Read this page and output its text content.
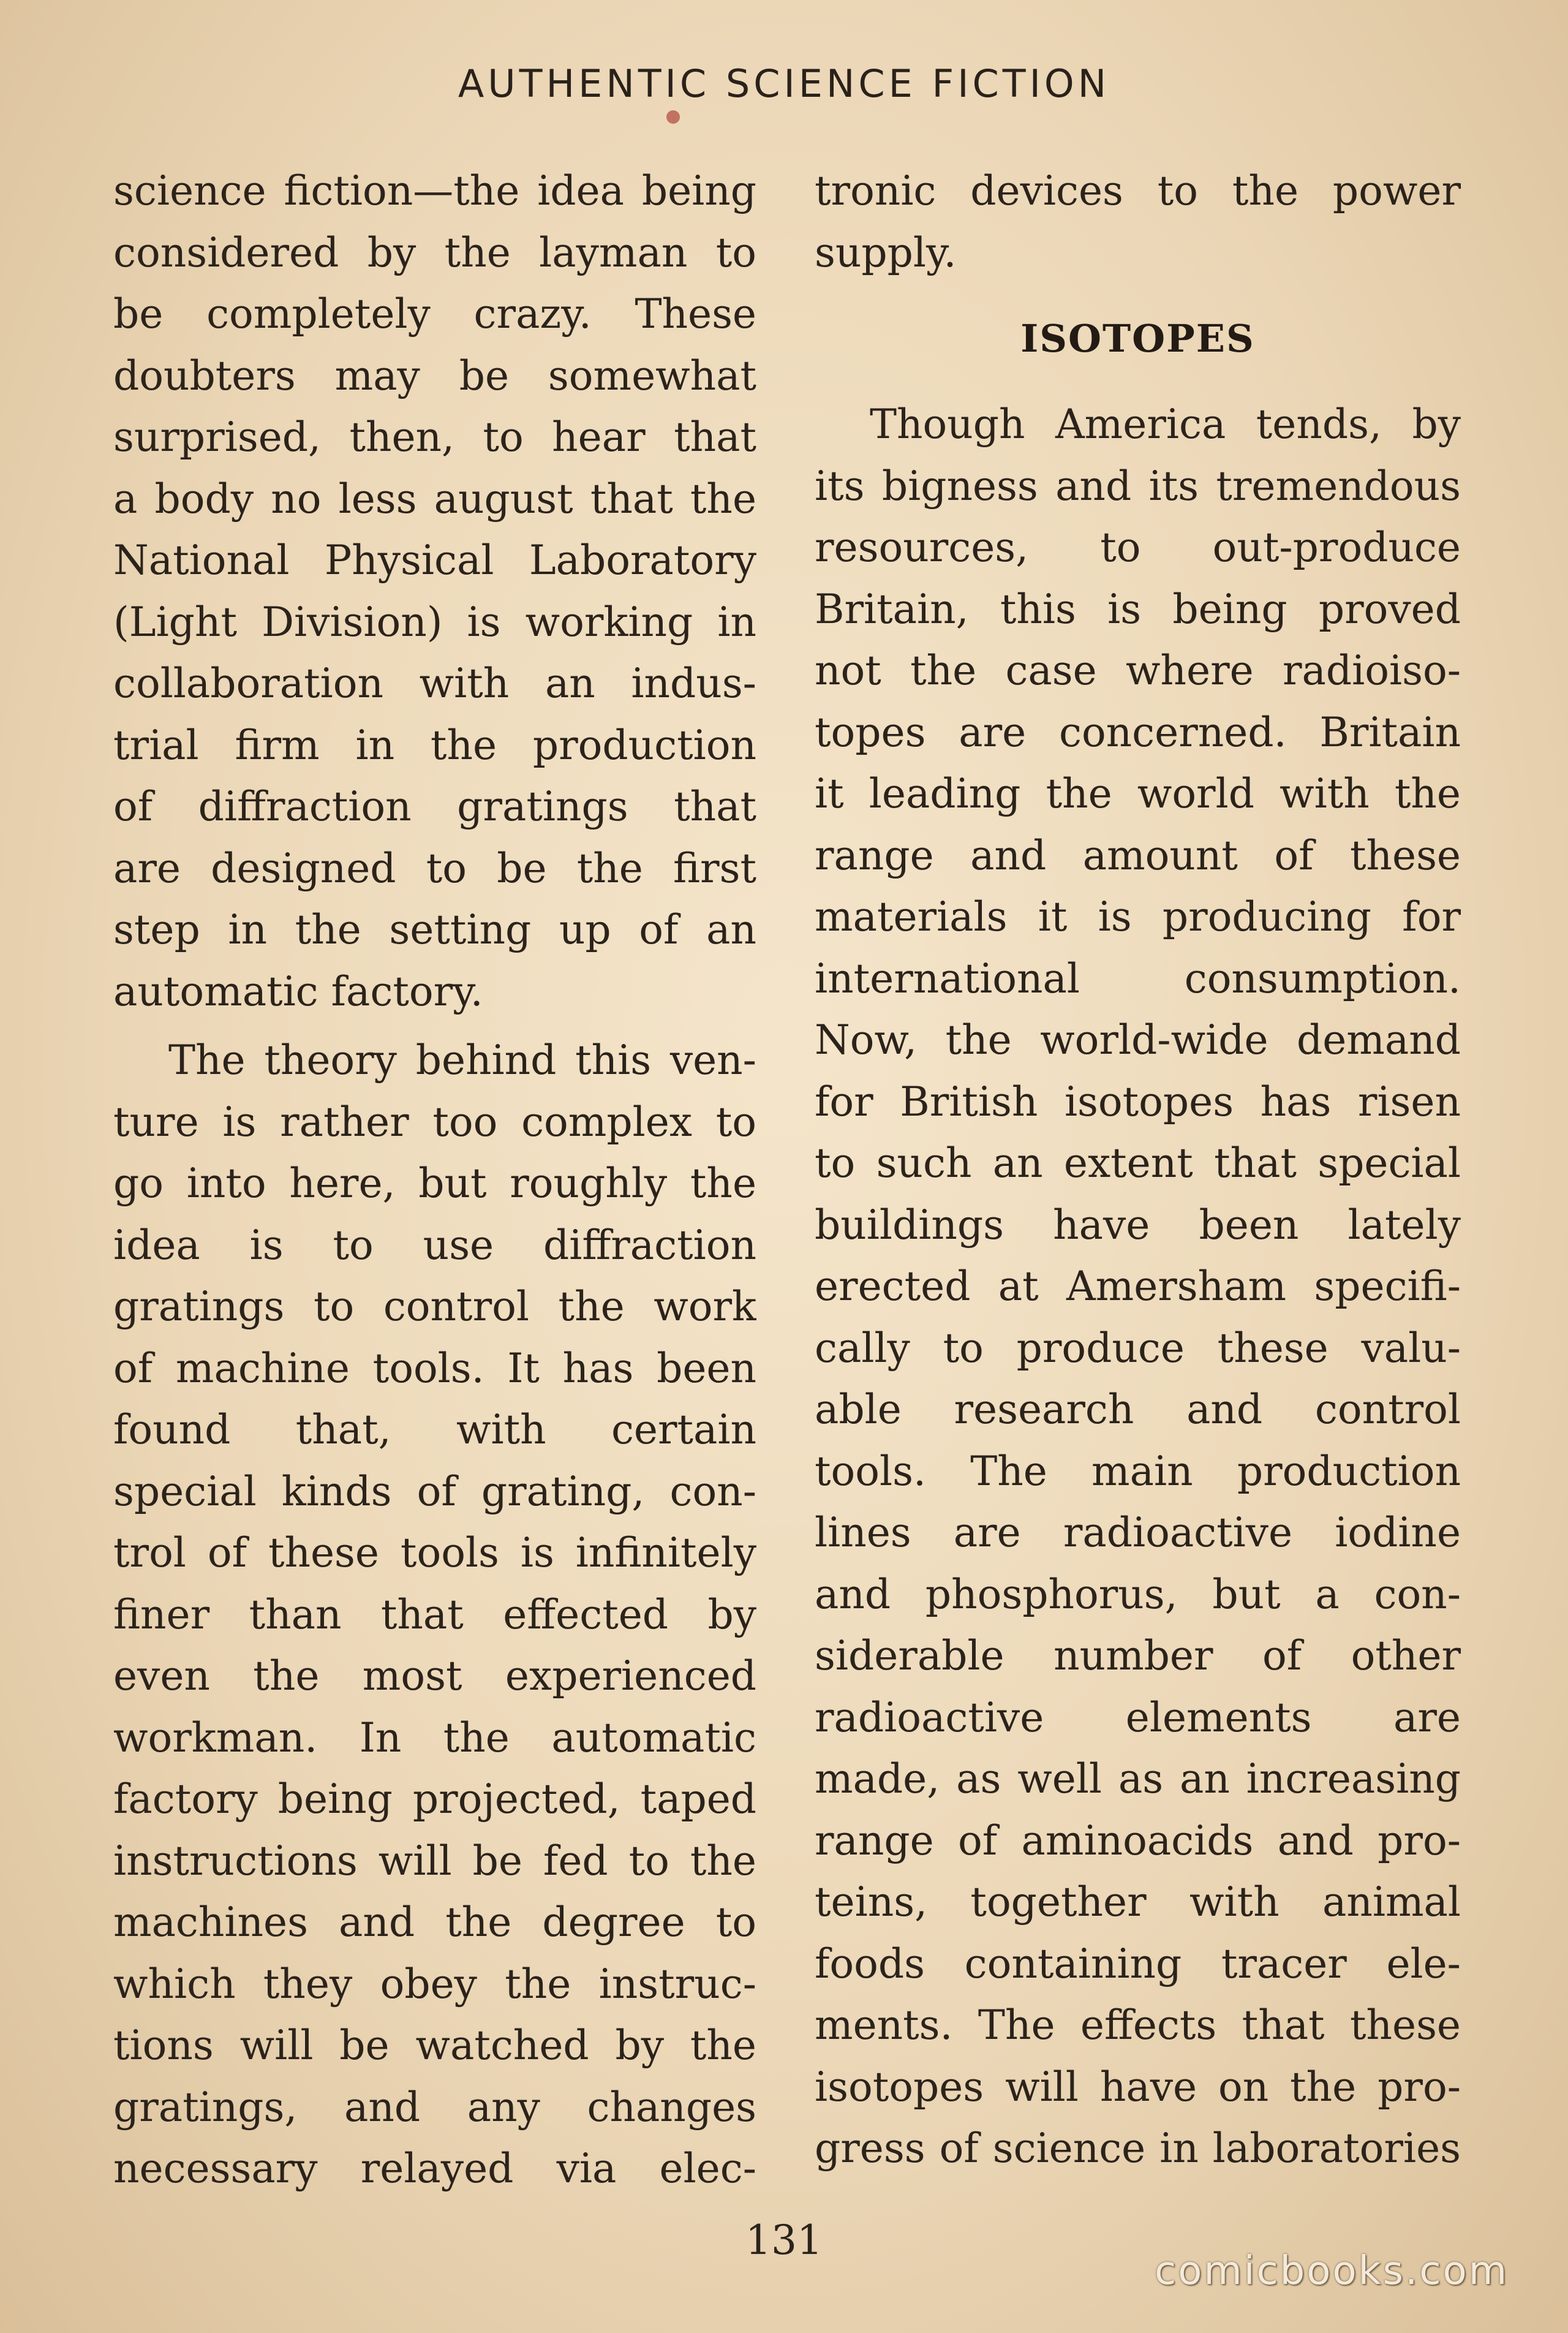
AUTHENTIC SCIENCE FICTION
science fiction—the idea being
considered by the layman to
be completely crazy. These
doubters may be somewhat
surprised, then, to hear that
a body no less august that the
National Physical Laboratory
(Light Division) is working in
collaboration with an indus-
trial firm in the production
of diffraction gratings that
are designed to be the first
step in the setting up of an
automatic factory.
The theory behind this ven-
ture is rather too complex to
go into here, but roughly the
idea is to use diffraction
gratings to control the work
of machine tools. It has been
found that, with certain
special kinds of grating, con-
trol of these tools is infinitely
finer than that effected by
even the most experienced
workman. In the automatic
factory being projected, taped
instructions will be fed to the
machines and the degree to
which they obey the instruc-
tions will be watched by the
gratings, and any changes
necessary relayed via elec-
tronic devices to the power
supply.
ISOTOPES
Though America tends, by
its bigness and its tremendous
resources, to out-produce
Britain, this is being proved
not the case where radioiso-
topes are concerned. Britain
it leading the world with the
range and amount of these
materials it is producing for
international consumption.
Now, the world-wide demand
for British isotopes has risen
to such an extent that special
buildings have been lately
erected at Amersham specifi-
cally to produce these valu-
able research and control
tools. The main production
lines are radioactive iodine
and phosphorus, but a con-
siderable number of other
radioactive elements are
made, as well as an increasing
range of aminoacids and pro-
teins, together with animal
foods containing tracer ele-
ments. The effects that these
isotopes will have on the pro-
gress of science in laboratories
131
comicbooks.com
